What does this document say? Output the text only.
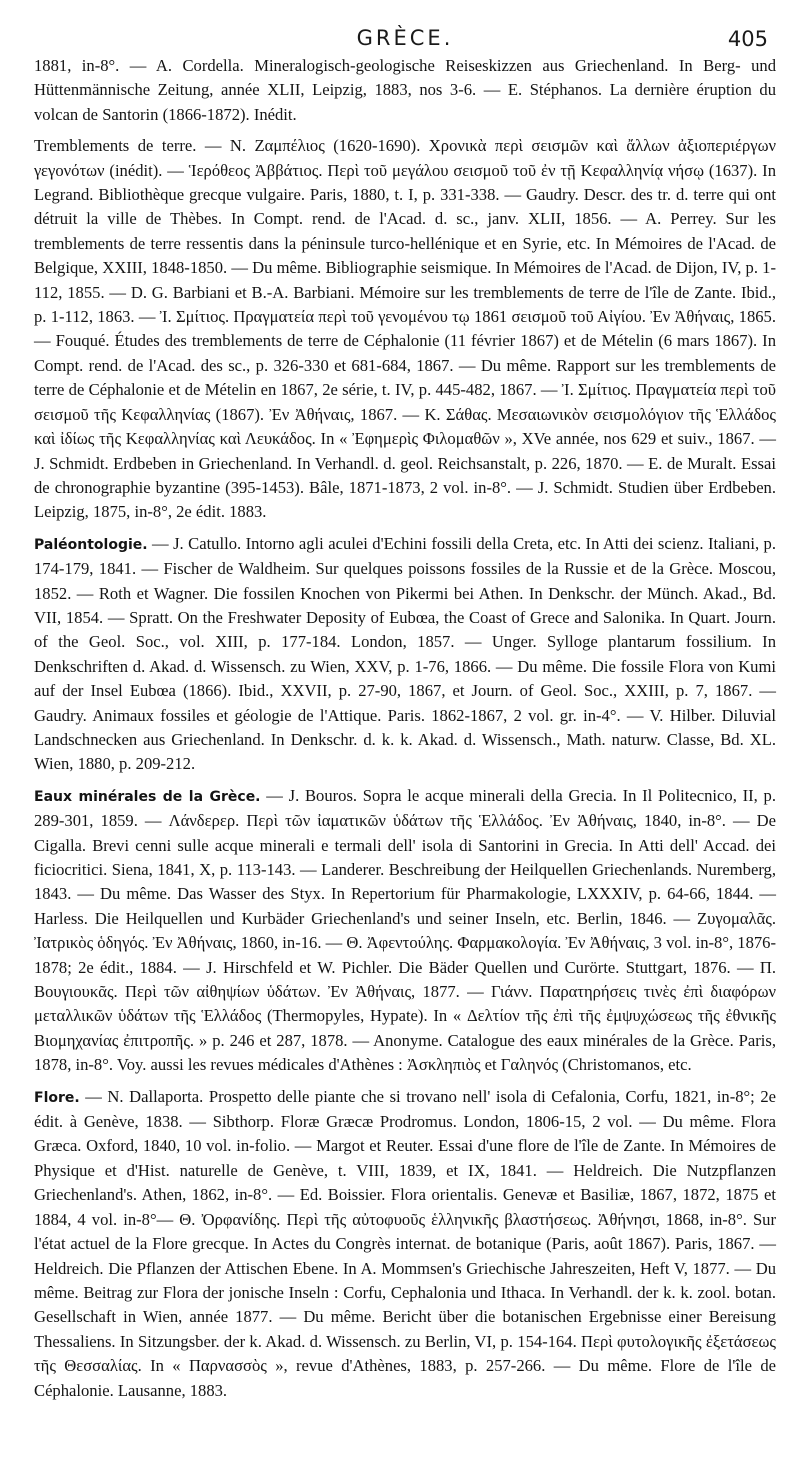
GRÈCE.	405

1881, in-8°. — A. Cordella. Mineralogisch-geologische Reiseskizzen aus Griechenland. In Berg- und Hüttenmännische Zeitung, année XLII, Leipzig, 1883, nos 3-6. — E. Stéphanos. La dernière éruption du volcan de Santorin (1866-1872). Inédit.

Tremblements de terre. — N. Ζαμπέλιος (1620-1690). Χρονικὰ περὶ σεισμῶν καὶ ἄλλων ἀξιοπεριέργων γεγονότων (inédit). — Ἱερόθεος Ἀββάτιος. Περὶ τοῦ μεγάλου σεισμοῦ τοῦ ἐν τῇ Κεφαλληνίᾳ νήσῳ (1637). In Legrand. Bibliothèque grecque vulgaire. Paris, 1880, t. I, p. 331-338. — Gaudry. Descr. des tr. d. terre qui ont détruit la ville de Thèbes. In Compt. rend. de l'Acad. d. sc., janv. XLII, 1856. — A. Perrey. Sur les tremblements de terre ressentis dans la péninsule turco-hellénique et en Syrie, etc. In Mémoires de l'Acad. de Belgique, XXIII, 1848-1850. — Du même. Bibliographie seismique. In Mémoires de l'Acad. de Dijon, IV, p. 1-112, 1855. — D. G. Barbiani et B.-A. Barbiani. Mémoire sur les tremblements de terre de l'île de Zante. Ibid., p. 1-112, 1863. — Ἰ. Σμίτιος. Πραγματεία περὶ τοῦ γενομένου τῳ 1861 σεισμοῦ τοῦ Αἰγίου. Ἐν Ἀθήναις, 1865. — Fouqué. Études des tremblements de terre de Céphalonie (11 février 1867) et de Mételin (6 mars 1867). In Compt. rend. de l'Acad. des sc., p. 326-330 et 681-684, 1867. — Du même. Rapport sur les tremblements de terre de Céphalonie et de Mételin en 1867, 2e série, t. IV, p. 445-482, 1867. — Ἰ. Σμίτιος. Πραγματεία περὶ τοῦ σεισμοῦ τῆς Κεφαλληνίας (1867). Ἐν Ἀθήναις, 1867. — Κ. Σάθας. Μεσαιωνικὸν σεισμολόγιον τῆς Ἑλλάδος καὶ ἰδίως τῆς Κεφαλληνίας καὶ Λευκάδος. In « Ἐφημερὶς Φιλομαθῶν », XVe année, nos 629 et suiv., 1867. — J. Schmidt. Erdbeben in Griechenland. In Verhandl. d. geol. Reichsanstalt, p. 226, 1870. — E. de Muralt. Essai de chronographie byzantine (395-1453). Bâle, 1871-1873, 2 vol. in-8°. — J. Schmidt. Studien über Erdbeben. Leipzig, 1875, in-8°, 2e édit. 1883.

Paléontologie. — J. Catullo. Intorno agli aculei d'Echini fossili della Creta, etc. In Atti dei scienz. Italiani, p. 174-179, 1841. — Fischer de Waldheim. Sur quelques poissons fossiles de la Russie et de la Grèce. Moscou, 1852. — Roth et Wagner. Die fossilen Knochen von Pikermi bei Athen. In Denkschr. der Münch. Akad., Bd. VII, 1854. — Spratt. On the Freshwater Depositу of Eubœa, the Coast of Grece and Salonika. In Quart. Journ. of the Geol. Soc., vol. XIII, p. 177-184. London, 1857. — Unger. Sylloge plantarum fossilium. In Denkschriften d. Akad. d. Wissensch. zu Wien, XXV, p. 1-76, 1866. — Du même. Die fossile Flora von Kumi auf der Insel Eubœa (1866). Ibid., XXVII, p. 27-90, 1867, et Journ. of Geol. Soc., XXIII, p. 7, 1867. — Gaudry. Animaux fossiles et géologie de l'Attique. Paris. 1862-1867, 2 vol. gr. in-4°. — V. Hilber. Diluvial Landschnecken aus Griechenland. In Denkschr. d. k. k. Akad. d. Wissensch., Math. naturw. Classe, Bd. XL. Wien, 1880, p. 209-212.

Eaux minérales de la Grèce. — J. Bouros. Sopra le acque minerali della Grecia. In Il Politecnico, II, p. 289-301, 1859. — Λάνδερερ. Περὶ τῶν ἰαματικῶν ὑδάτων τῆς Ἑλλάδος. Ἐν Ἀθήναις, 1840, in-8°. — De Cigalla. Brevi cenni sulle acque minerali e termali dell' isola di Santorini in Grecia. In Atti dell' Accad. dei ficiocritici. Siena, 1841, X, p. 113-143. — Landerer. Beschreibung der Heilquellen Griechenlands. Nuremberg, 1843. — Du même. Das Wasser des Styx. In Repertorium für Pharmakologie, LXXXIV, p. 64-66, 1844. — Harless. Die Heilquellen und Kurbäder Griechenland's und seiner Inseln, etc. Berlin, 1846. — Ζυγομαλᾶς. Ἰατρικὸς ὁδηγός. Ἐν Ἀθήναις, 1860, in-16. — Θ. Ἀφεντούλης. Φαρμακολογία. Ἐν Ἀθήναις, 3 vol. in-8°, 1876-1878; 2e édit., 1884. — J. Hirschfeld et W. Pichler. Die Bäder Quellen und Curörte. Stuttgart, 1876. — Π. Βουγιουκᾶς. Περὶ τῶν αἰθηψίων ὑδάτων. Ἐν Ἀθήναις, 1877. — Γιάνν. Παρατηρήσεις τινὲς ἐπὶ διαφόρων μεταλλικῶν ὑδάτων τῆς Ἑλλάδος (Thermopyles, Hypate). In « Δελτίον τῆς ἐπὶ τῆς ἐμψυχώσεως τῆς ἐθνικῆς Βιομηχανίας ἐπιτροπῆς. » p. 246 et 287, 1878. — Anonyme. Catalogue des eaux minérales de la Grèce. Paris, 1878, in-8°. Voy. aussi les revues médicales d'Athènes : Ἀσκληπιὸς et Γαληνός (Christomanos, etc.

Flore. — N. Dallaporta. Prospetto delle piante che si trovano nell' isola di Cefalonia, Corfu, 1821, in-8°; 2e édit. à Genève, 1838. — Sibthorp. Floræ Græcæ Prodromus. London, 1806-15, 2 vol. — Du même. Flora Græca. Oxford, 1840, 10 vol. in-folio. — Margot et Reuter. Essai d'une flore de l'île de Zante. In Mémoires de Physique et d'Hist. naturelle de Genève, t. VIII, 1839, et IX, 1841. — Heldreich. Die Nutzpflanzen Griechenland's. Athen, 1862, in-8°. — Ed. Boissier. Flora orientalis. Genevæ et Basiliæ, 1867, 1872, 1875 et 1884, 4 vol. in-8°— Θ. Ὀρφανίδης. Περὶ τῆς αὐτοφυοῦς ἑλληνικῆς βλαστήσεως. Ἀθήνησι, 1868, in-8°. Sur l'état actuel de la Flore grecque. In Actes du Congrès internat. de botanique (Paris, août 1867). Paris, 1867. — Heldreich. Die Pflanzen der Attischen Ebene. In A. Mommsen's Griechische Jahreszeiten, Heft V, 1877. — Du même. Beitrag zur Flora der jonische Inseln : Corfu, Cephalonia und Ithaca. In Verhandl. der k. k. zool. botan. Gesellschaft in Wien, année 1877. — Du même. Bericht über die botanischen Ergebnisse einer Bereisung Thessaliens. In Sitzungsber. der k. Akad. d. Wissensch. zu Berlin, VI, p. 154-164. Περὶ φυτολογικῆς ἐξετάσεως τῆς Θεσσαλίας. In « Παρνασσὸς », revue d'Athènes, 1883, p. 257-266. — Du même. Flore de l'île de Céphalonie. Lausanne, 1883.
